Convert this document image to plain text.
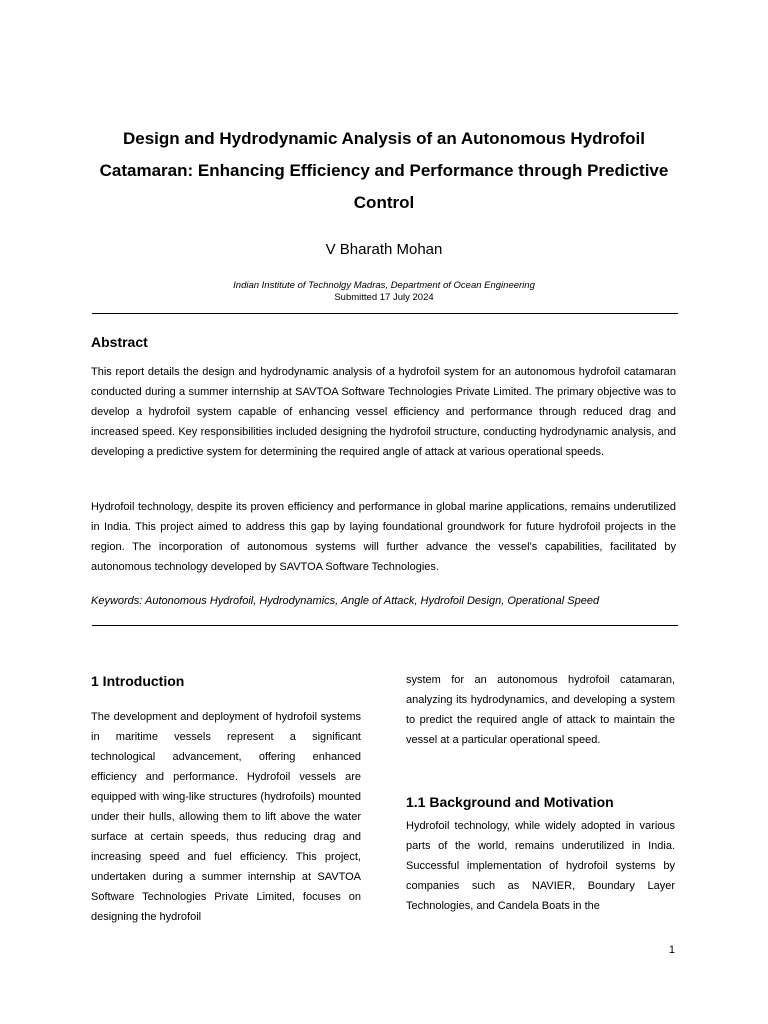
Design and Hydrodynamic Analysis of an Autonomous Hydrofoil Catamaran: Enhancing Efficiency and Performance through Predictive Control

V Bharath Mohan

Indian Institute of Technolgy Madras, Department of Ocean Engineering

Submitted 17 July 2024

Abstract

This report details the design and hydrodynamic analysis of a hydrofoil system for an autonomous hydrofoil catamaran conducted during a summer internship at SAVTOA Software Technologies Private Limited. The primary objective was to develop a hydrofoil system capable of enhancing vessel efficiency and performance through reduced drag and increased speed. Key responsibilities included designing the hydrofoil structure, conducting hydrodynamic analysis, and developing a predictive system for determining the required angle of attack at various operational speeds.

Hydrofoil technology, despite its proven efficiency and performance in global marine applications, remains underutilized in India. This project aimed to address this gap by laying foundational groundwork for future hydrofoil projects in the region. The incorporation of autonomous systems will further advance the vessel's capabilities, facilitated by autonomous technology developed by SAVTOA Software Technologies.

Keywords: Autonomous Hydrofoil, Hydrodynamics, Angle of Attack, Hydrofoil Design, Operational Speed

1 Introduction

The development and deployment of hydrofoil systems in maritime vessels represent a significant technological advancement, offering enhanced efficiency and performance. Hydrofoil vessels are equipped with wing-like structures (hydrofoils) mounted under their hulls, allowing them to lift above the water surface at certain speeds, thus reducing drag and increasing speed and fuel efficiency. This project, undertaken during a summer internship at SAVTOA Software Technologies Private Limited, focuses on designing the hydrofoil

system for an autonomous hydrofoil catamaran, analyzing its hydrodynamics, and developing a system to predict the required angle of attack to maintain the vessel at a particular operational speed.

1.1 Background and Motivation

Hydrofoil technology, while widely adopted in various parts of the world, remains underutilized in India. Successful implementation of hydrofoil systems by companies such as NAVIER, Boundary Layer Technologies, and Candela Boats in the

1
